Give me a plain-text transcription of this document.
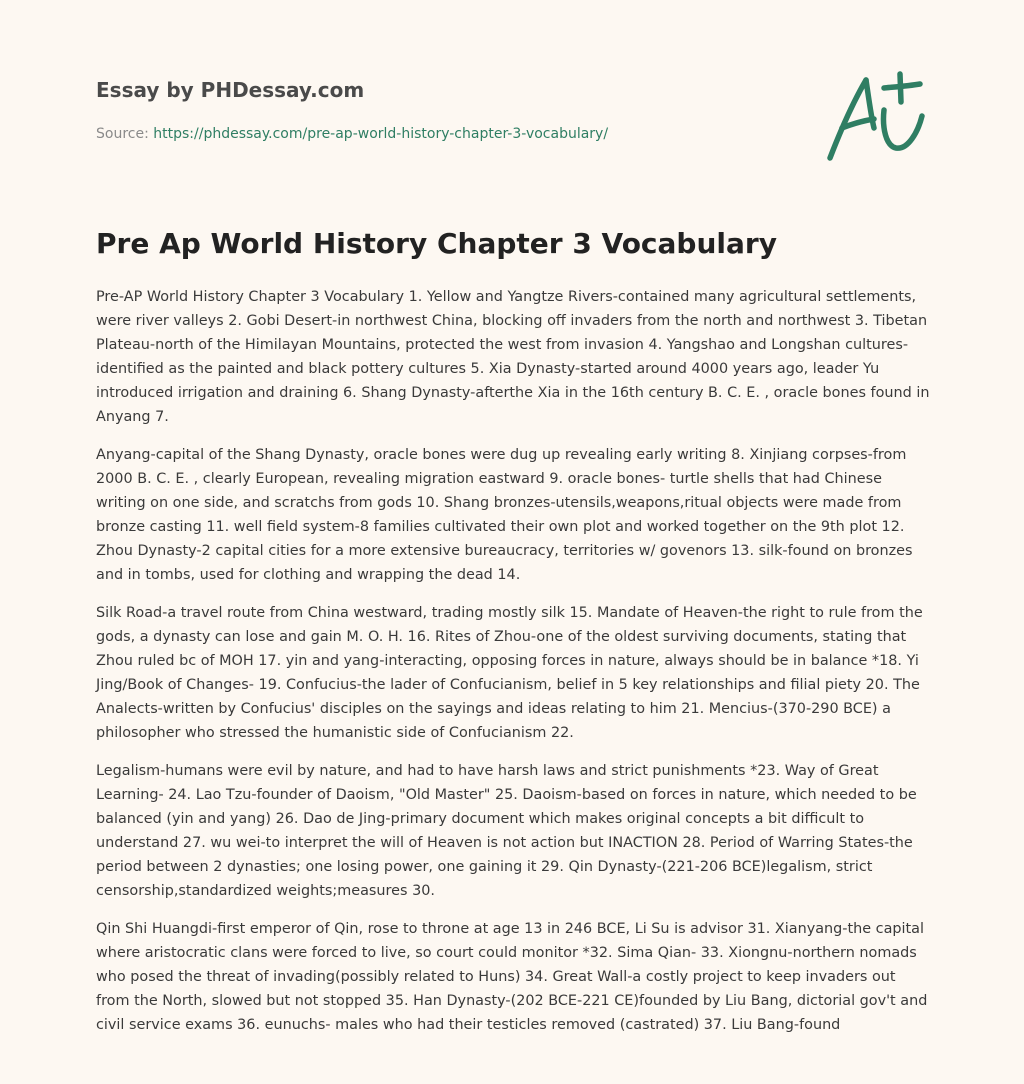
Essay by PHDessay.com
Source: https://phdessay.com/pre-ap-world-history-chapter-3-vocabulary/
Pre Ap World History Chapter 3 Vocabulary

Pre-AP World History Chapter 3 Vocabulary 1. Yellow and Yangtze Rivers-contained many agricultural settlements, were river valleys 2. Gobi Desert-in northwest China, blocking off invaders from the north and northwest 3. Tibetan Plateau-north of the Himilayan Mountains, protected the west from invasion 4. Yangshao and Longshan cultures-identified as the painted and black pottery cultures 5. Xia Dynasty-started around 4000 years ago, leader Yu introduced irrigation and draining 6. Shang Dynasty-afterthe Xia in the 16th century B. C. E. , oracle bones found in Anyang 7.

Anyang-capital of the Shang Dynasty, oracle bones were dug up revealing early writing 8. Xinjiang corpses-from 2000 B. C. E. , clearly European, revealing migration eastward 9. oracle bones- turtle shells that had Chinese writing on one side, and scratchs from gods 10. Shang bronzes-utensils,weapons,ritual objects were made from bronze casting 11. well field system-8 families cultivated their own plot and worked together on the 9th plot 12. Zhou Dynasty-2 capital cities for a more extensive bureaucracy, territories w/ govenors 13. silk-found on bronzes and in tombs, used for clothing and wrapping the dead 14.

Silk Road-a travel route from China westward, trading mostly silk 15. Mandate of Heaven-the right to rule from the gods, a dynasty can lose and gain M. O. H. 16. Rites of Zhou-one of the oldest surviving documents, stating that Zhou ruled bc of MOH 17. yin and yang-interacting, opposing forces in nature, always should be in balance *18. Yi Jing/Book of Changes- 19. Confucius-the lader of Confucianism, belief in 5 key relationships and filial piety 20. The Analects-written by Confucius' disciples on the sayings and ideas relating to him 21. Mencius-(370-290 BCE) a philosopher who stressed the humanistic side of Confucianism 22.

Legalism-humans were evil by nature, and had to have harsh laws and strict punishments *23. Way of Great Learning- 24. Lao Tzu-founder of Daoism, "Old Master" 25. Daoism-based on forces in nature, which needed to be balanced (yin and yang) 26. Dao de Jing-primary document which makes original concepts a bit difficult to understand 27. wu wei-to interpret the will of Heaven is not action but INACTION 28. Period of Warring States-the period between 2 dynasties; one losing power, one gaining it 29. Qin Dynasty-(221-206 BCE)legalism, strict censorship,standardized weights;measures 30.

Qin Shi Huangdi-first emperor of Qin, rose to throne at age 13 in 246 BCE, Li Su is advisor 31. Xianyang-the capital where aristocratic clans were forced to live, so court could monitor *32. Sima Qian- 33. Xiongnu-northern nomads who posed the threat of invading(possibly related to Huns) 34. Great Wall-a costly project to keep invaders out from the North, slowed but not stopped 35. Han Dynasty-(202 BCE-221 CE)founded by Liu Bang, dictorial gov't and civil service exams 36. eunuchs- males who had their testicles removed (castrated) 37. Liu Bang-found
